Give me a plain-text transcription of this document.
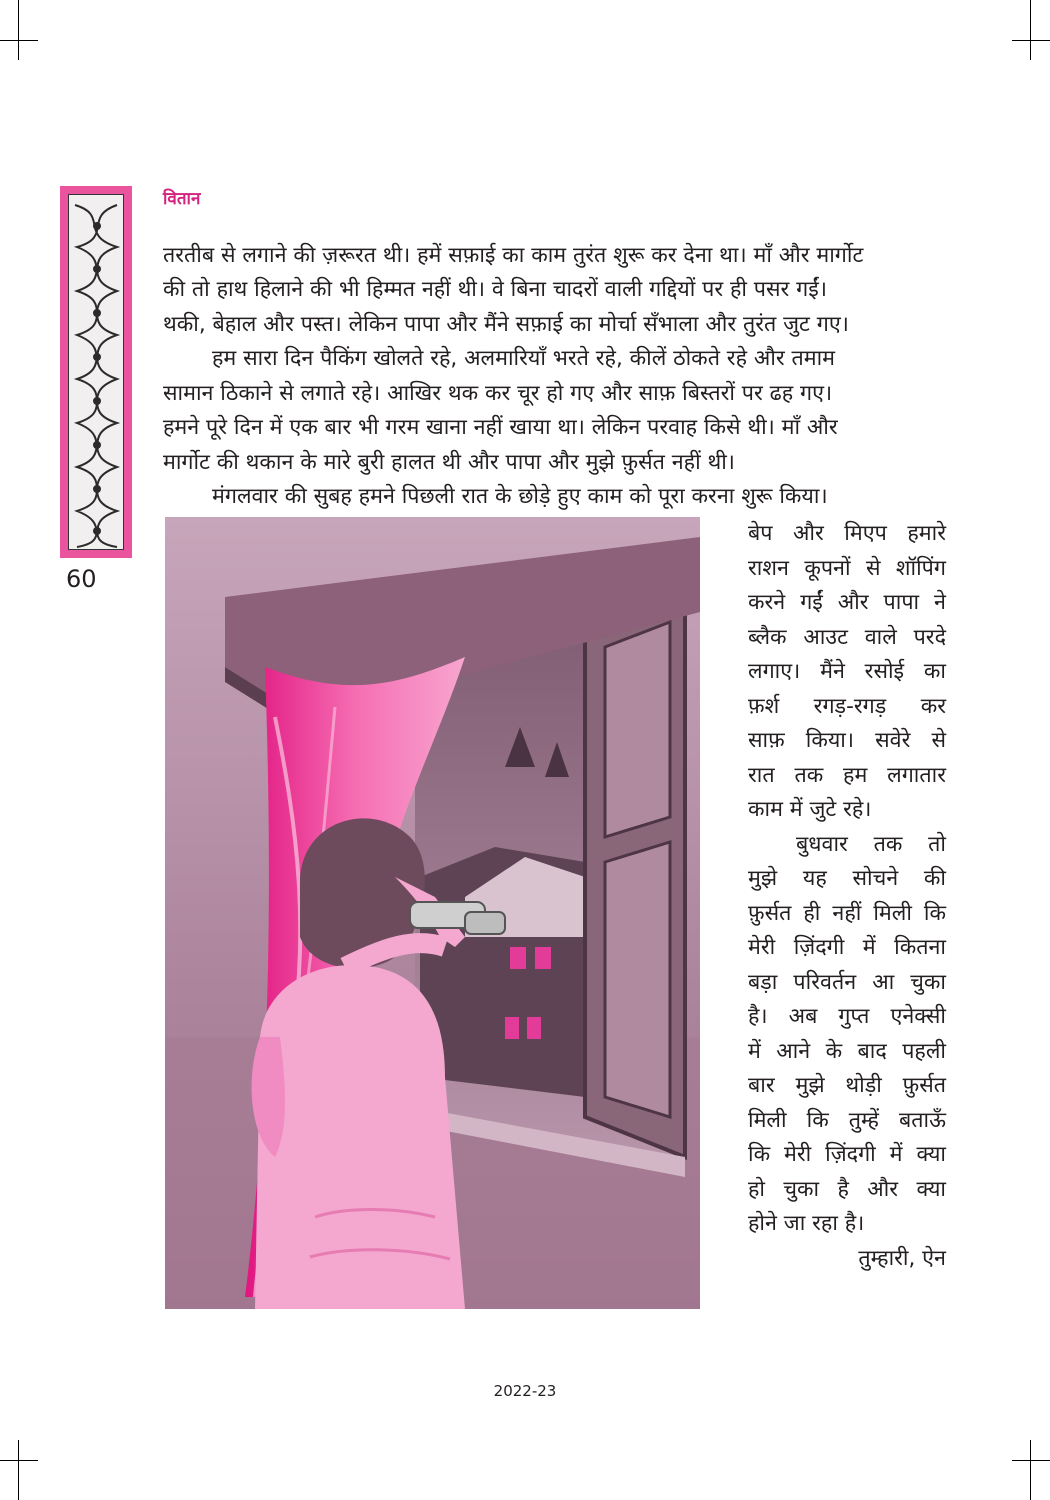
वितान
60

तरतीब से लगाने की ज़रूरत थी। हमें सफ़ाई का काम तुरंत शुरू कर देना था। माँ और मार्गोट

की तो हाथ हिलाने की भी हिम्मत नहीं थी। वे बिना चादरों वाली गद्दियों पर ही पसर गईं।

थकी, बेहाल और पस्त। लेकिन पापा और मैंने सफ़ाई का मोर्चा सँभाला और तुरंत जुट गए।

हम सारा दिन पैकिंग खोलते रहे, अलमारियाँ भरते रहे, कीलें ठोकते रहे और तमाम

सामान ठिकाने से लगाते रहे। आखिर थक कर चूर हो गए और साफ़ बिस्तरों पर ढह गए।

हमने पूरे दिन में एक बार भी गरम खाना नहीं खाया था। लेकिन परवाह किसे थी। माँ और

मार्गोट की थकान के मारे बुरी हालत थी और पापा और मुझे फ़ुर्सत नहीं थी।

मंगलवार की सुबह हमने पिछली रात के छोड़े हुए काम को पूरा करना शुरू किया।

बेप और मिएप हमारे
राशन कूपनों से शॉपिंग
करने गईं और पापा ने
ब्लैक आउट वाले परदे
लगाए। मैंने रसोई का
फ़र्श रगड़-रगड़ कर
साफ़ किया। सवेरे से
रात तक हम लगातार
काम में जुटे रहे।
बुधवार तक तो
मुझे यह सोचने की
फ़ुर्सत ही नहीं मिली कि
मेरी ज़िंदगी में कितना
बड़ा परिवर्तन आ चुका
है। अब गुप्त एनेक्सी
में आने के बाद पहली
बार मुझे थोड़ी फ़ुर्सत
मिली कि तुम्हें बताऊँ
कि मेरी ज़िंदगी में क्या
हो चुका है और क्या
होने जा रहा है।
तुम्हारी, ऐन
2022-23
